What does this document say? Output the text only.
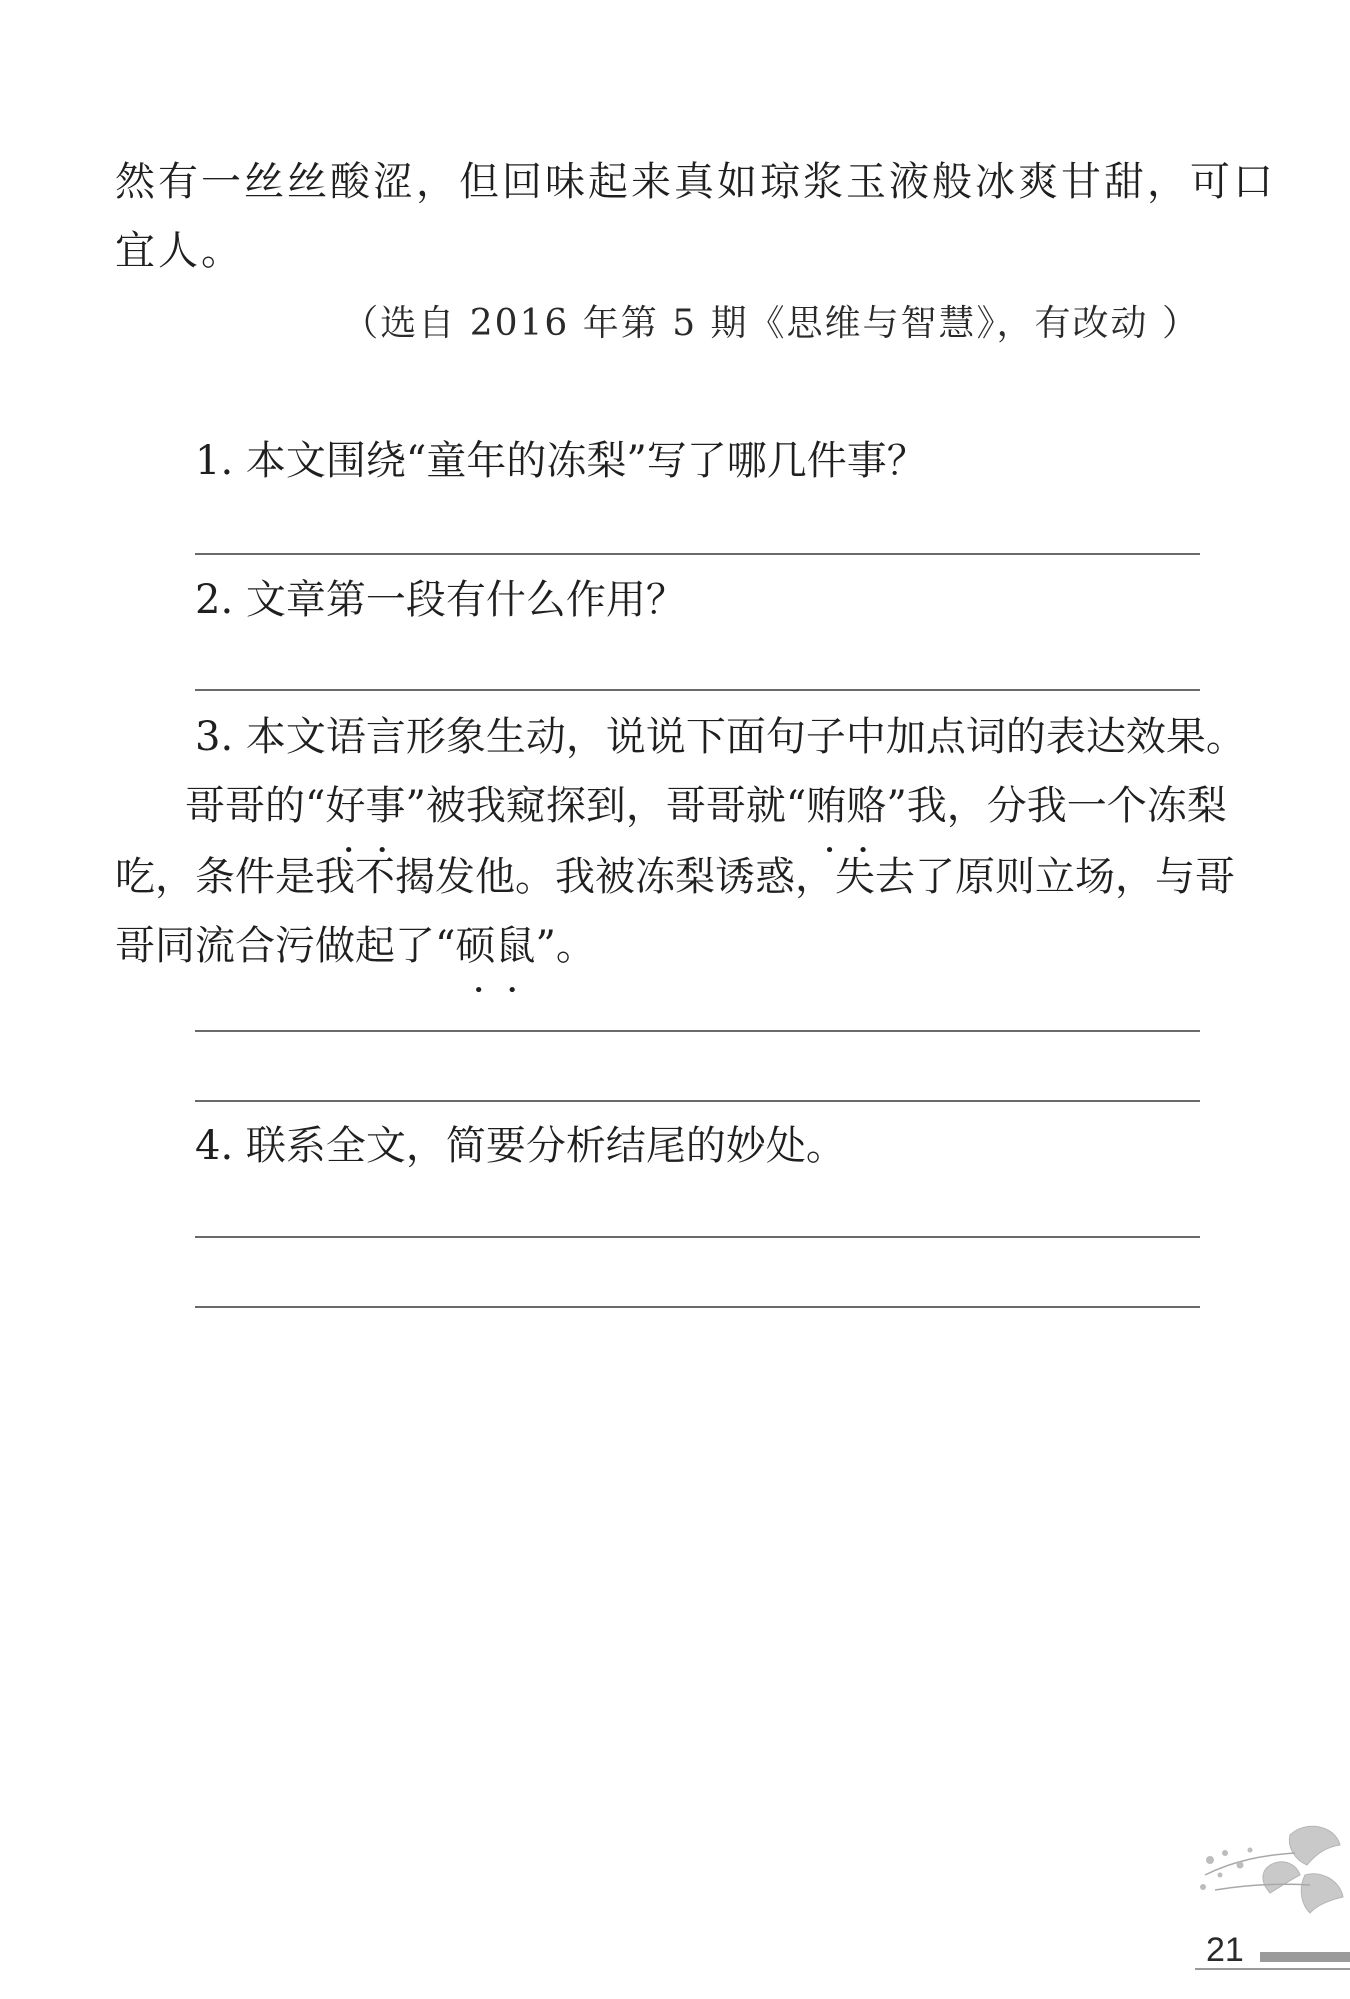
然有一丝丝酸涩，但回味起来真如琼浆玉液般冰爽甘甜，可口
宜人。
（选自 2016 年第 5 期《思维与智慧》，有改动 ）
1. 本文围绕“童年的冻梨”写了哪几件事？
2. 文章第一段有什么作用？
3. 本文语言形象生动，说说下面句子中加点词的表达效果。
哥哥的“好事 •    •”被我窥探到，哥哥就“贿赂 •    •”我，分我一个冻梨
吃，条件是我不揭发他。我被冻梨诱惑，失去了原则立场，与哥
哥同流合污做起了“硕鼠 •    •”。
4. 联系全文，简要分析结尾的妙处。
21
